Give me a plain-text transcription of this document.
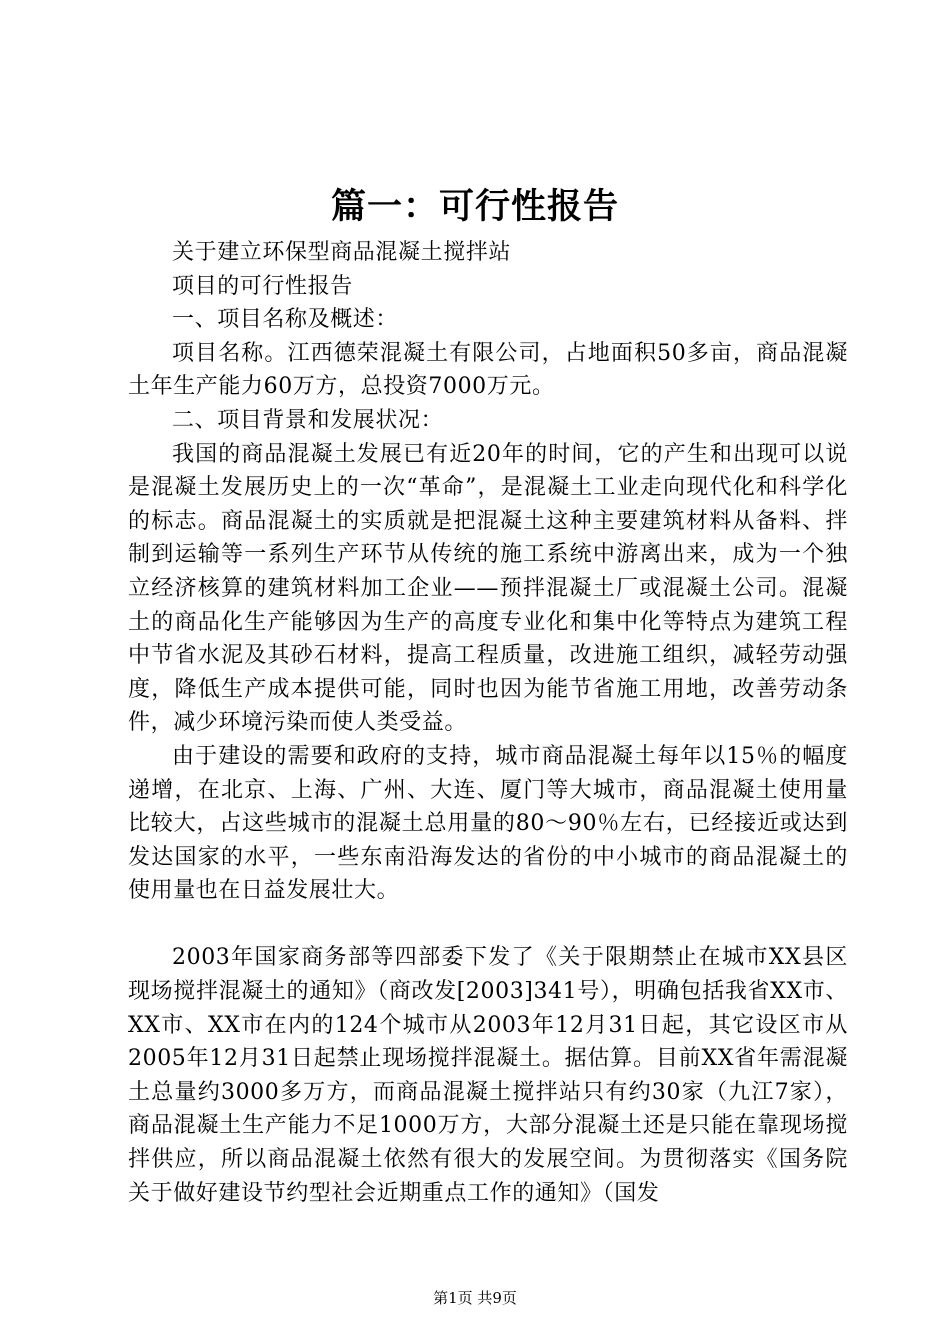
篇一：可行性报告

关于建立环保型商品混凝土搅拌站

项目的可行性报告

一、项目名称及概述：

项目名称。江西德荣混凝土有限公司，占地面积50多亩，商品混凝土年生产能力60万方，总投资7000万元。

二、项目背景和发展状况：

我国的商品混凝土发展已有近20年的时间，它的产生和出现可以说是混凝土发展历史上的一次“革命”，是混凝土工业走向现代化和科学化的标志。商品混凝土的实质就是把混凝土这种主要建筑材料从备料、拌制到运输等一系列生产环节从传统的施工系统中游离出来，成为一个独立经济核算的建筑材料加工企业——预拌混凝土厂或混凝土公司。混凝土的商品化生产能够因为生产的高度专业化和集中化等特点为建筑工程中节省水泥及其砂石材料，提高工程质量，改进施工组织，减轻劳动强度，降低生产成本提供可能，同时也因为能节省施工用地，改善劳动条件，减少环境污染而使人类受益。

由于建设的需要和政府的支持，城市商品混凝土每年以15％的幅度递增，在北京、上海、广州、大连、厦门等大城市，商品混凝土使用量比较大，占这些城市的混凝土总用量的80～90％左右，已经接近或达到发达国家的水平，一些东南沿海发达的省份的中小城市的商品混凝土的使用量也在日益发展壮大。

2003年国家商务部等四部委下发了《关于限期禁止在城市XX县区现场搅拌混凝土的通知》（商改发[2003]341号），明确包括我省XX市、XX市、XX市在内的124个城市从2003年12月31日起，其它设区市从2005年12月31日起禁止现场搅拌混凝土。据估算。目前XX省年需混凝土总量约3000多万方，而商品混凝土搅拌站只有约30家（九江7家），商品混凝土生产能力不足1000万方，大部分混凝土还是只能在靠现场搅拌供应，所以商品混凝土依然有很大的发展空间。为贯彻落实《国务院关于做好建设节约型社会近期重点工作的通知》（国发

第1页 共9页
